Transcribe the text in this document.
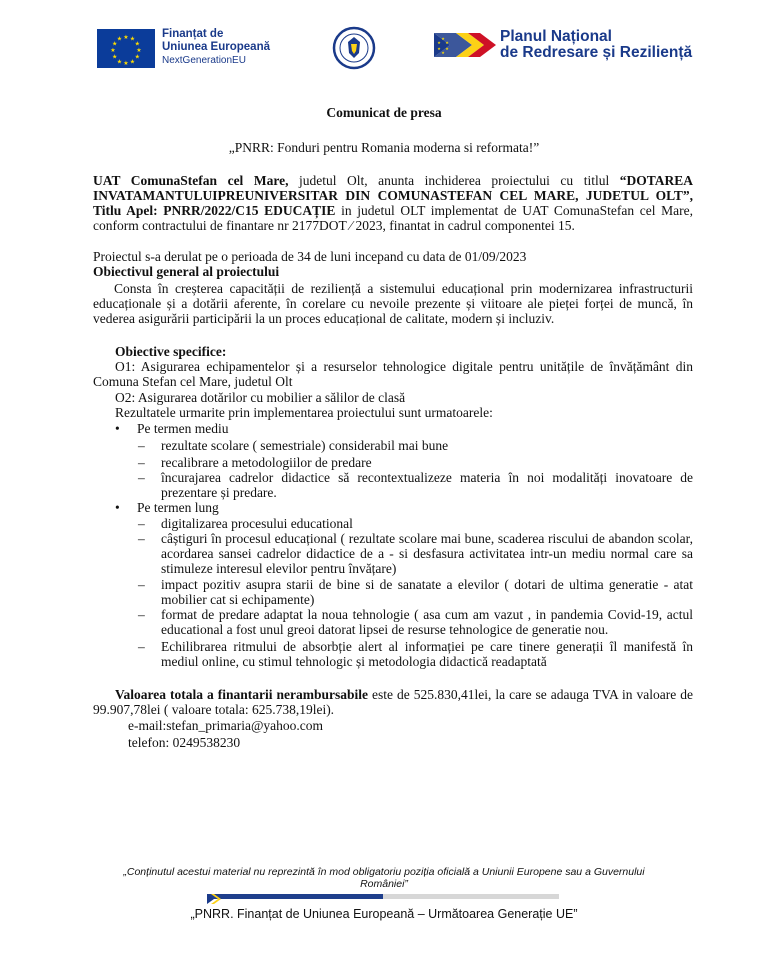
★ ★
★
★
★
★
★
★
★
★
★
★	Finanțat de
Uniunea Europeană
NextGenerationEU
★
★
★
★
★
★	Planul Național
de Redresare și Reziliență
Comunicat de presa
„PNRR: Fonduri pentru Romania moderna si reformata!”
UAT ComunaStefan cel Mare, judetul Olt, anunta inchiderea proiectului cu titlul “DOTAREA INVATAMANTULUIPREUNIVERSITAR DIN COMUNASTEFAN CEL MARE, JUDETUL OLT”, Titlu Apel: PNRR/2022/C15 EDUCAȚIE in judetul OLT implementat de UAT ComunaStefan cel Mare, conform contractului de finantare nr 2177DOT ⁄ 2023, finantat in cadrul componentei 15.
Proiectul s-a derulat pe o perioada de 34 de luni incepand cu data de 01/09/2023
Obiectivul general al proiectului
Consta în creșterea capacității de reziliență a sistemului educațional prin modernizarea infrastructurii educaționale și a dotării aferente, în corelare cu nevoile prezente și viitoare ale pieței forței de muncă, în vederea asigurării participării la un proces educațional de calitate, modern și incluziv.
Obiective specifice:
O1: Asigurarea echipamentelor și a resurselor tehnologice digitale pentru unitățile de învățământ din Comuna Stefan cel Mare, judetul Olt
O2: Asigurarea dotărilor cu mobilier a sălilor de clasă
Rezultatele urmarite prin implementarea proiectului sunt urmatoarele:
• Pe termen mediu
– rezultate scolare ( semestriale) considerabil mai bune
– recalibrare a metodologiilor de predare
– încurajarea cadrelor didactice să recontextualizeze materia în noi modalități inovatoare de prezentare și predare.
• Pe termen lung
– digitalizarea procesului educational
– câștiguri în procesul educațional ( rezultate scolare mai bune, scaderea riscului de abandon scolar, acordarea sansei cadrelor didactice de a - si desfasura activitatea intr-un mediu normal care sa stimuleze interesul elevilor pentru învățare)
– impact pozitiv asupra starii de bine si de sanatate a elevilor ( dotari de ultima generatie - atat mobilier cat si echipamente)
– format de predare adaptat la noua tehnologie ( asa cum am vazut , in pandemia Covid-19, actul educational a fost unul greoi datorat lipsei de resurse tehnologice de generatie nou.
– Echilibrarea ritmului de absorbție alert al informației pe care tinere generații îl manifestă în mediul online, cu stimul tehnologic și metodologia didactică readaptată
Valoarea totala a finantarii nerambursabile este de 525.830,41lei, la care se adauga TVA in valoare de 99.907,78lei ( valoare totala: 625.738,19lei).
e-mail:stefan_primaria@yahoo.com
telefon: 0249538230
„Conținutul acestui material nu reprezintă în mod obligatoriu poziția oficială a Uniunii Europene sau a Guvernului României”
„PNRR. Finanțat de Uniunea Europeană – Următoarea Generație UE”
